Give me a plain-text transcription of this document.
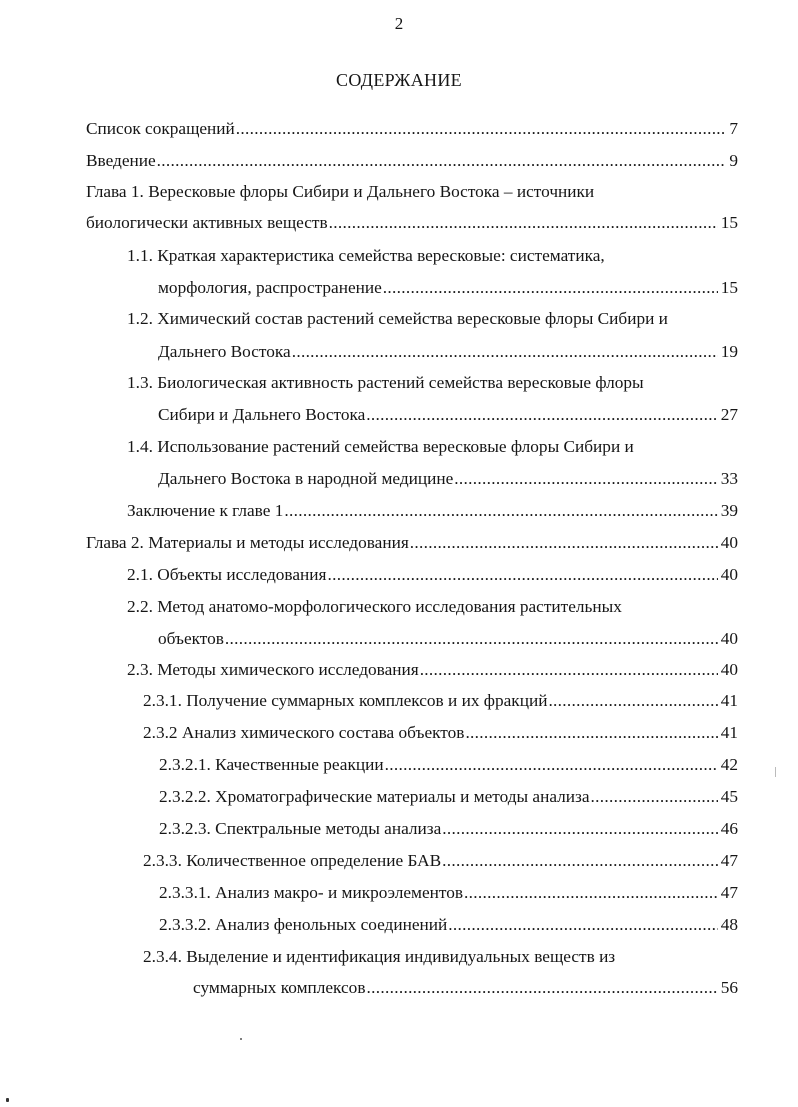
2
СОДЕРЖАНИЕ
Список сокращений .....	7
Введение .....	9
Глава 1. Вересковые флоры Сибири и Дальнего Востока – источники
биологически активных веществ .....	15
1.1. Краткая характеристика семейства вересковые: систематика,
морфология, распространение .....	15
1.2. Химический состав растений семейства вересковые флоры Сибири и
Дальнего Востока .....	19
1.3. Биологическая активность растений семейства вересковые флоры
Сибири и Дальнего Востока .....	27
1.4. Использование растений семейства вересковые флоры Сибири и
Дальнего Востока в народной медицине .....	33
Заключение к главе 1 .....	39
Глава 2. Материалы и методы исследования .....	40
2.1. Объекты исследования .....	40
2.2. Метод анатомо-морфологического исследования растительных
объектов .....	40
2.3. Методы химического исследования .....	40
2.3.1. Получение суммарных комплексов и их фракций .....	41
2.3.2 Анализ химического состава объектов .....	41
2.3.2.1. Качественные реакции .....	42
2.3.2.2. Хроматографические материалы и методы анализа .....	45
2.3.2.3. Спектральные методы анализа .....	46
2.3.3. Количественное определение БАВ .....	47
2.3.3.1. Анализ макро- и микроэлементов .....	47
2.3.3.2. Анализ фенольных соединений .....	48
2.3.4. Выделение и идентификация индивидуальных веществ из
суммарных комплексов .....	56
